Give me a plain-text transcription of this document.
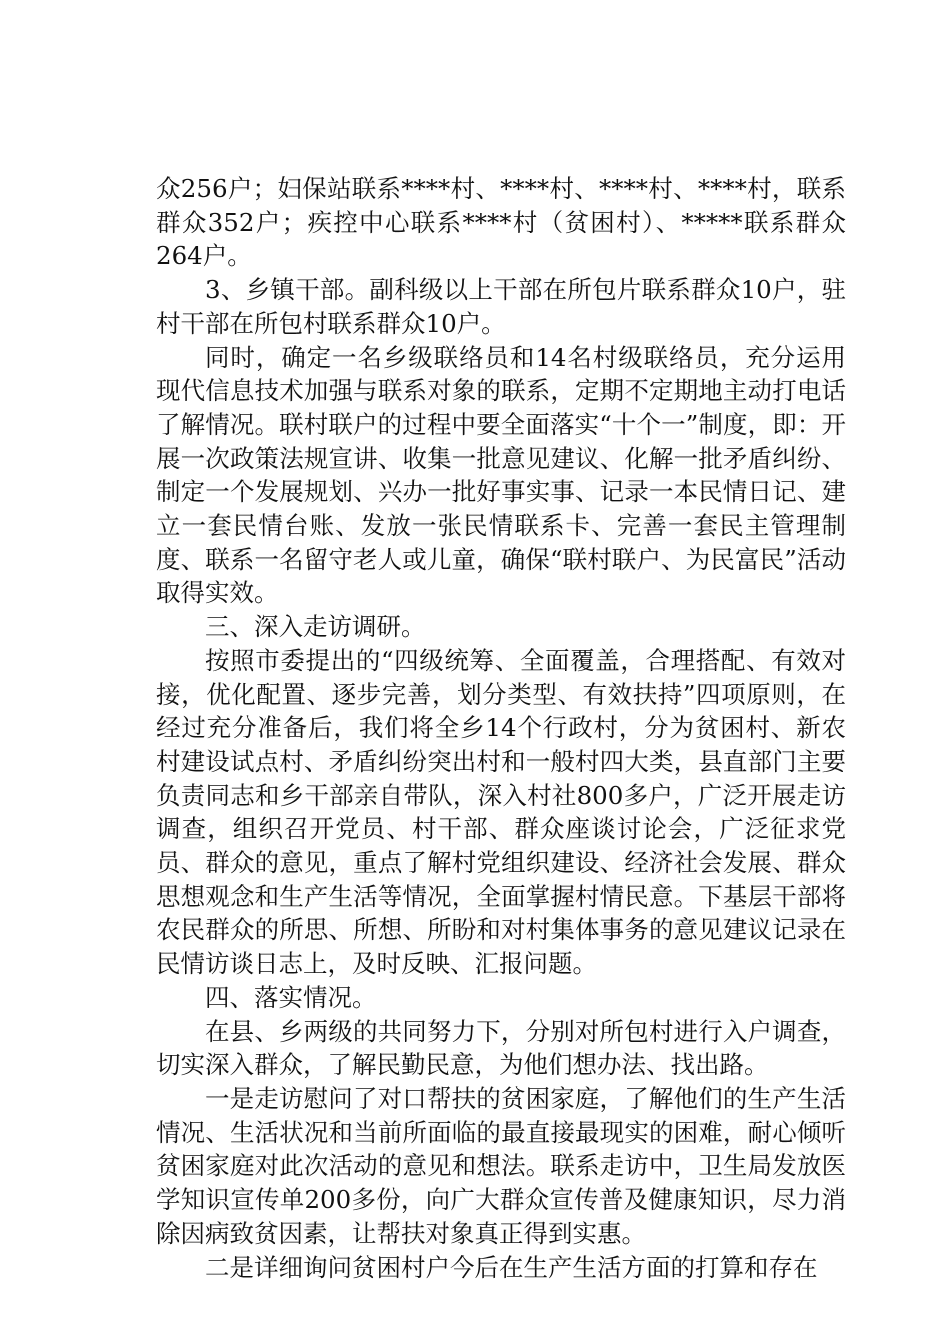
众256户；妇保站联系****村、****村、****村、****村，联系群众352户；疾控中心联系****村（贫困村）、*****联系群众264户。

3、乡镇干部。副科级以上干部在所包片联系群众10户，驻村干部在所包村联系群众10户。

同时，确定一名乡级联络员和14名村级联络员，充分运用现代信息技术加强与联系对象的联系，定期不定期地主动打电话了解情况。联村联户的过程中要全面落实“十个一”制度，即：开展一次政策法规宣讲、收集一批意见建议、化解一批矛盾纠纷、制定一个发展规划、兴办一批好事实事、记录一本民情日记、建立一套民情台账、发放一张民情联系卡、完善一套民主管理制度、联系一名留守老人或儿童，确保“联村联户、为民富民”活动取得实效。

三、深入走访调研。

按照市委提出的“四级统筹、全面覆盖，合理搭配、有效对接，优化配置、逐步完善，划分类型、有效扶持”四项原则，在经过充分准备后，我们将全乡14个行政村，分为贫困村、新农村建设试点村、矛盾纠纷突出村和一般村四大类，县直部门主要负责同志和乡干部亲自带队，深入村社800多户，广泛开展走访调查，组织召开党员、村干部、群众座谈讨论会，广泛征求党员、群众的意见，重点了解村党组织建设、经济社会发展、群众思想观念和生产生活等情况，全面掌握村情民意。下基层干部将农民群众的所思、所想、所盼和对村集体事务的意见建议记录在民情访谈日志上，及时反映、汇报问题。

四、落实情况。

在县、乡两级的共同努力下，分别对所包村进行入户调查，切实深入群众，了解民勤民意，为他们想办法、找出路。

一是走访慰问了对口帮扶的贫困家庭，了解他们的生产生活情况、生活状况和当前所面临的最直接最现实的困难，耐心倾听贫困家庭对此次活动的意见和想法。联系走访中，卫生局发放医学知识宣传单200多份，向广大群众宣传普及健康知识，尽力消除因病致贫因素，让帮扶对象真正得到实惠。

二是详细询问贫困村户今后在生产生活方面的打算和存在
